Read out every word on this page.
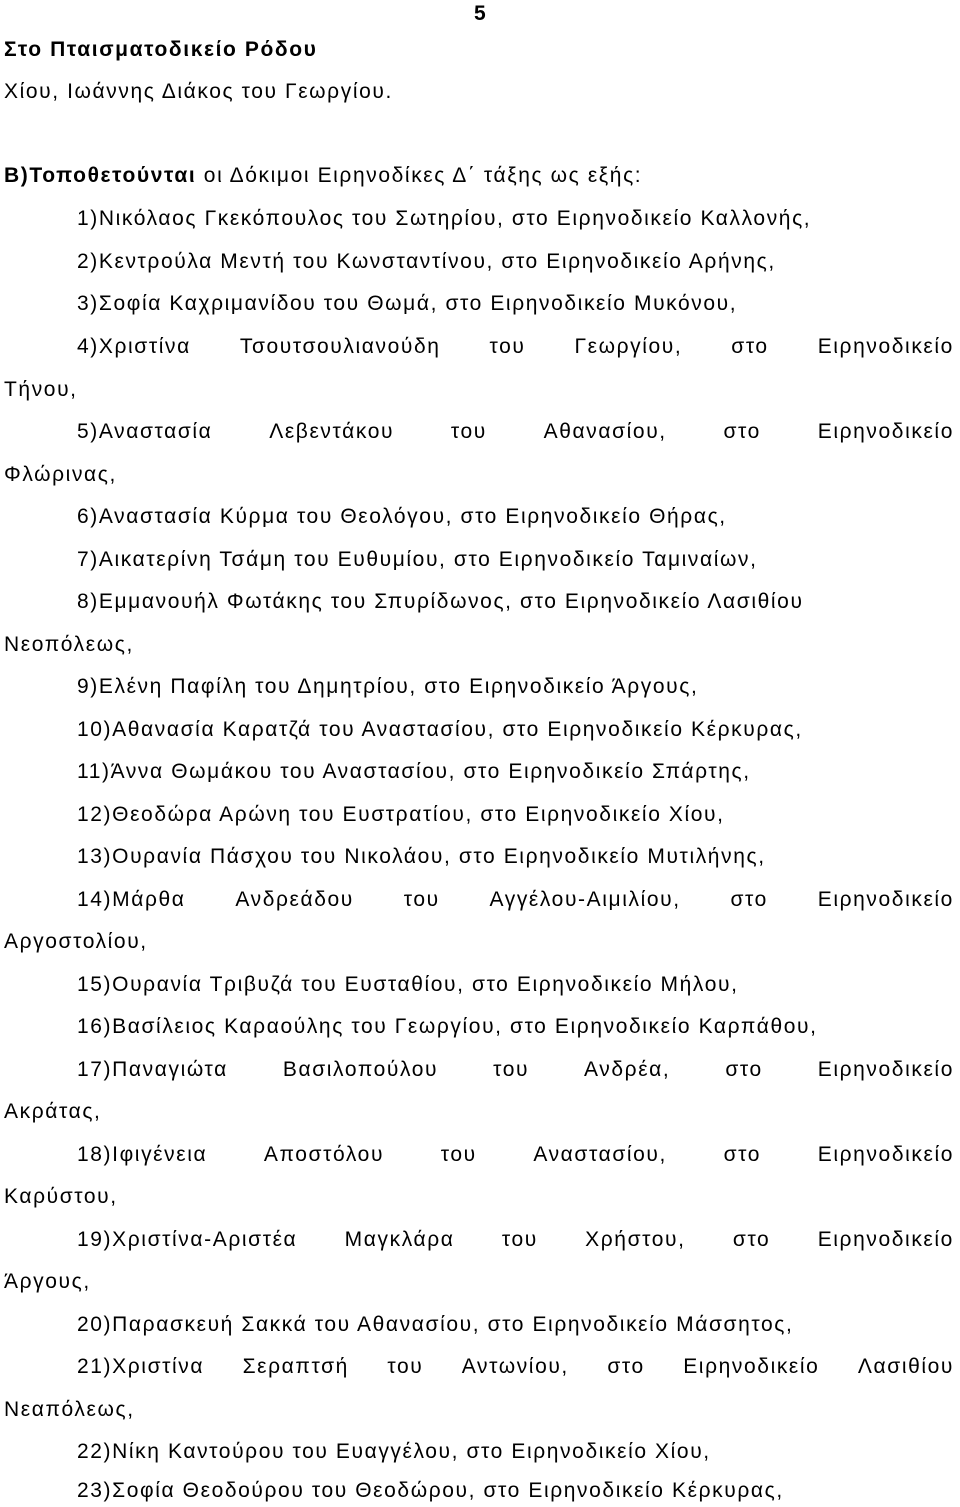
5
Στο Πταισματοδικείο Ρόδου
Χίου, Ιωάννης Διάκος του Γεωργίου.
Β)Τοποθετούνται οι Δόκιμοι Ειρηνοδίκες Δ΄ τάξης ως εξής:
1)Νικόλαος Γκεκόπουλος του Σωτηρίου, στο Ειρηνοδικείο Καλλονής,
2)Κεντρούλα Μεντή του Κωνσταντίνου, στο Ειρηνοδικείο Αρήνης,
3)Σοφία Καχριμανίδου του Θωμά, στο Ειρηνοδικείο Μυκόνου,
4)Χριστίνα Τσουτσουλιανούδη του Γεωργίου, στο Ειρηνοδικείο
Τήνου,
5)Αναστασία	Λεβεντάκου	του	Αθανασίου,	στο	Ειρηνοδικείο
Φλώρινας,
6)Αναστασία Κύρμα του Θεολόγου, στο Ειρηνοδικείο Θήρας,
7)Αικατερίνη Τσάμη του Ευθυμίου, στο Ειρηνοδικείο Ταμιναίων,
8)Εμμανουήλ Φωτάκης του Σπυρίδωνος, στο Ειρηνοδικείο Λασιθίου
Νεοπόλεως,
9)Ελένη Παφίλη του Δημητρίου, στο Ειρηνοδικείο Άργους,
10)Αθανασία Καρατζά του Αναστασίου, στο Ειρηνοδικείο Κέρκυρας,
11)Άννα Θωμάκου του Αναστασίου, στο Ειρηνοδικείο Σπάρτης,
12)Θεοδώρα Αρώνη του Ευστρατίου, στο Ειρηνοδικείο Χίου,
13)Ουρανία Πάσχου του Νικολάου, στο Ειρηνοδικείο Μυτιλήνης,
14)Μάρθα Ανδρεάδου του Αγγέλου-Αιμιλίου, στο Ειρηνοδικείο
Αργοστολίου,
15)Ουρανία Τριβυζά του Ευσταθίου, στο Ειρηνοδικείο Μήλου,
16)Βασίλειος Καραούλης του Γεωργίου, στο Ειρηνοδικείο Καρπάθου,
17)Παναγιώτα	Βασιλοπούλου	του	Ανδρέα,	στο	Ειρηνοδικείο
Ακράτας,
18)Ιφιγένεια	Αποστόλου	του	Αναστασίου,	στο	Ειρηνοδικείο
Καρύστου,
19)Χριστίνα-Αριστέα Μαγκλάρα του Χρήστου, στο Ειρηνοδικείο
Άργους,
20)Παρασκευή Σακκά του Αθανασίου, στο Ειρηνοδικείο Μάσσητος,
21)Χριστίνα Σεραπτσή του Αντωνίου, στο Ειρηνοδικείο Λασιθίου
Νεαπόλεως,
22)Νίκη Καντούρου του Ευαγγέλου, στο Ειρηνοδικείο Χίου,
23)Σοφία Θεοδούρου του Θεοδώρου, στο Ειρηνοδικείο Κέρκυρας,
